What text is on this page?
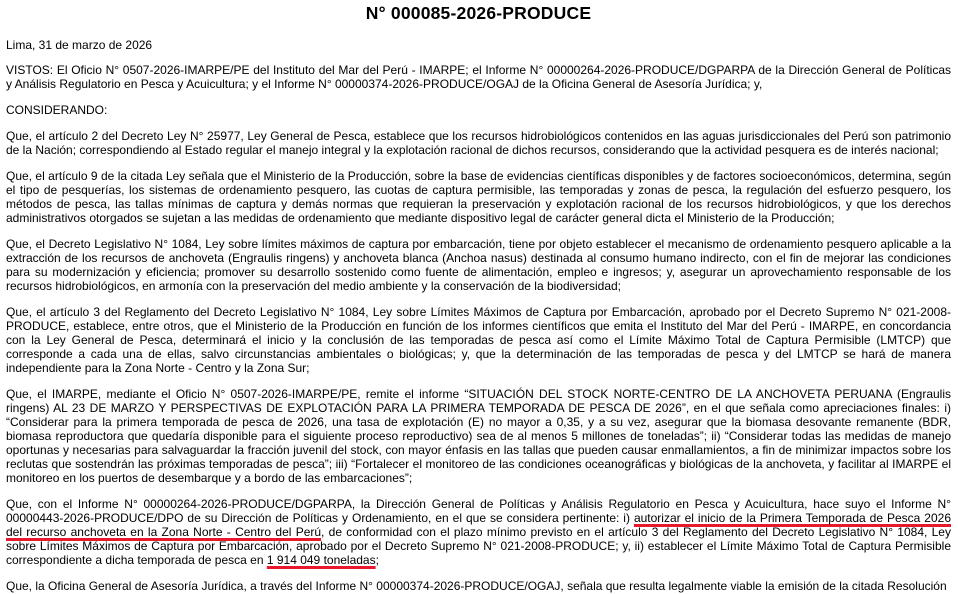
N° 000085-2026-PRODUCE
Lima, 31 de marzo de 2026

VISTOS: El Oficio N° 0507-2026-IMARPE/PE del Instituto del Mar del Perú - IMARPE; el Informe N° 00000264-2026-PRODUCE/DGPARPA de la Dirección General de Políticas y Análisis Regulatorio en Pesca y Acuicultura; y el Informe N° 00000374-2026-PRODUCE/OGAJ de la Oficina General de Asesoría Jurídica; y,

CONSIDERANDO:

Que, el artículo 2 del Decreto Ley N° 25977, Ley General de Pesca, establece que los recursos hidrobiológicos contenidos en las aguas jurisdiccionales del Perú son patrimonio de la Nación; correspondiendo al Estado regular el manejo integral y la explotación racional de dichos recursos, considerando que la actividad pesquera es de interés nacional;

Que, el artículo 9 de la citada Ley señala que el Ministerio de la Producción, sobre la base de evidencias científicas disponibles y de factores socioeconómicos, determina, según el tipo de pesquerías, los sistemas de ordenamiento pesquero, las cuotas de captura permisible, las temporadas y zonas de pesca, la regulación del esfuerzo pesquero, los métodos de pesca, las tallas mínimas de captura y demás normas que requieran la preservación y explotación racional de los recursos hidrobiológicos, y que los derechos administrativos otorgados se sujetan a las medidas de ordenamiento que mediante dispositivo legal de carácter general dicta el Ministerio de la Producción;

Que, el Decreto Legislativo N° 1084, Ley sobre límites máximos de captura por embarcación, tiene por objeto establecer el mecanismo de ordenamiento pesquero aplicable a la extracción de los recursos de anchoveta (Engraulis ringens) y anchoveta blanca (Anchoa nasus) destinada al consumo humano indirecto, con el fin de mejorar las condiciones para su modernización y eficiencia; promover su desarrollo sostenido como fuente de alimentación, empleo e ingresos; y, asegurar un aprovechamiento responsable de los recursos hidrobiológicos, en armonía con la preservación del medio ambiente y la conservación de la biodiversidad;

Que, el artículo 3 del Reglamento del Decreto Legislativo N° 1084, Ley sobre Límites Máximos de Captura por Embarcación, aprobado por el Decreto Supremo N° 021-2008-PRODUCE, establece, entre otros, que el Ministerio de la Producción en función de los informes científicos que emita el Instituto del Mar del Perú - IMARPE, en concordancia con la Ley General de Pesca, determinará el inicio y la conclusión de las temporadas de pesca así como el Límite Máximo Total de Captura Permisible (LMTCP) que corresponde a cada una de ellas, salvo circunstancias ambientales o biológicas; y, que la determinación de las temporadas de pesca y del LMTCP se hará de manera independiente para la Zona Norte - Centro y la Zona Sur;

Que, el IMARPE, mediante el Oficio N° 0507-2026-IMARPE/PE, remite el informe “SITUACIÓN DEL STOCK NORTE-CENTRO DE LA ANCHOVETA PERUANA (Engraulis ringens) AL 23 DE MARZO Y PERSPECTIVAS DE EXPLOTACIÓN PARA LA PRIMERA TEMPORADA DE PESCA DE 2026”, en el que señala como apreciaciones finales: i) “Considerar para la primera temporada de pesca de 2026, una tasa de explotación (E) no mayor a 0,35, y a su vez, asegurar que la biomasa desovante remanente (BDR, biomasa reproductora que quedaría disponible para el siguiente proceso reproductivo) sea de al menos 5 millones de toneladas”; ii) “Considerar todas las medidas de manejo oportunas y necesarias para salvaguardar la fracción juvenil del stock, con mayor énfasis en las tallas que pueden causar enmallamientos, a fin de minimizar impactos sobre los reclutas que sostendrán las próximas temporadas de pesca”; iii) “Fortalecer el monitoreo de las condiciones oceanográficas y biológicas de la anchoveta, y facilitar al IMARPE el monitoreo en los puertos de desembarque y a bordo de las embarcaciones”;

Que, con el Informe N° 00000264-2026-PRODUCE/DGPARPA, la Dirección General de Políticas y Análisis Regulatorio en Pesca y Acuicultura, hace suyo el Informe N° 00000443-2026-PRODUCE/DPO de su Dirección de Políticas y Ordenamiento, en el que se considera pertinente: i) autorizar el inicio de la Primera Temporada de Pesca 2026 del recurso anchoveta en la Zona Norte - Centro del Perú, de conformidad con el plazo mínimo previsto en el artículo 3 del Reglamento del Decreto Legislativo N° 1084, Ley sobre Límites Máximos de Captura por Embarcación, aprobado por el Decreto Supremo N° 021-2008-PRODUCE; y, ii) establecer el Límite Máximo Total de Captura Permisible correspondiente a dicha temporada de pesca en 1 914 049 toneladas;

Que, la Oficina General de Asesoría Jurídica, a través del Informe N° 00000374-2026-PRODUCE/OGAJ, señala que resulta legalmente viable la emisión de la citada Resolución
